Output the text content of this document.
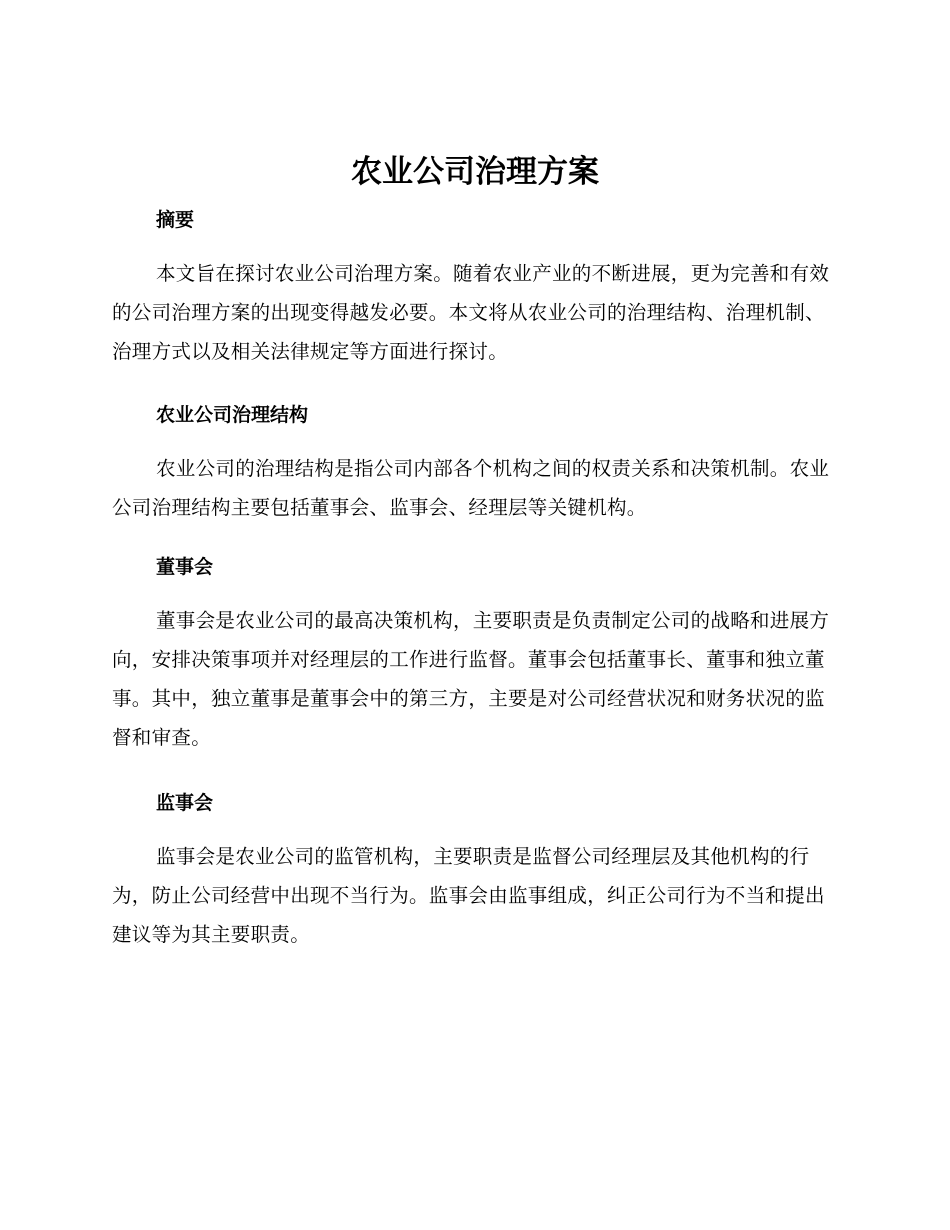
农业公司治理方案
摘要

本文旨在探讨农业公司治理方案。随着农业产业的不断进展，更为完善和有效的公司治理方案的出现变得越发必要。本文将从农业公司的治理结构、治理机制、治理方式以及相关法律规定等方面进行探讨。

农业公司治理结构

农业公司的治理结构是指公司内部各个机构之间的权责关系和决策机制。农业公司治理结构主要包括董事会、监事会、经理层等关键机构。

董事会

董事会是农业公司的最高决策机构，主要职责是负责制定公司的战略和进展方向，安排决策事项并对经理层的工作进行监督。董事会包括董事长、董事和独立董事。其中，独立董事是董事会中的第三方，主要是对公司经营状况和财务状况的监督和审查。

监事会

监事会是农业公司的监管机构，主要职责是监督公司经理层及其他机构的行为，防止公司经营中出现不当行为。监事会由监事组成，纠正公司行为不当和提出建议等为其主要职责。
